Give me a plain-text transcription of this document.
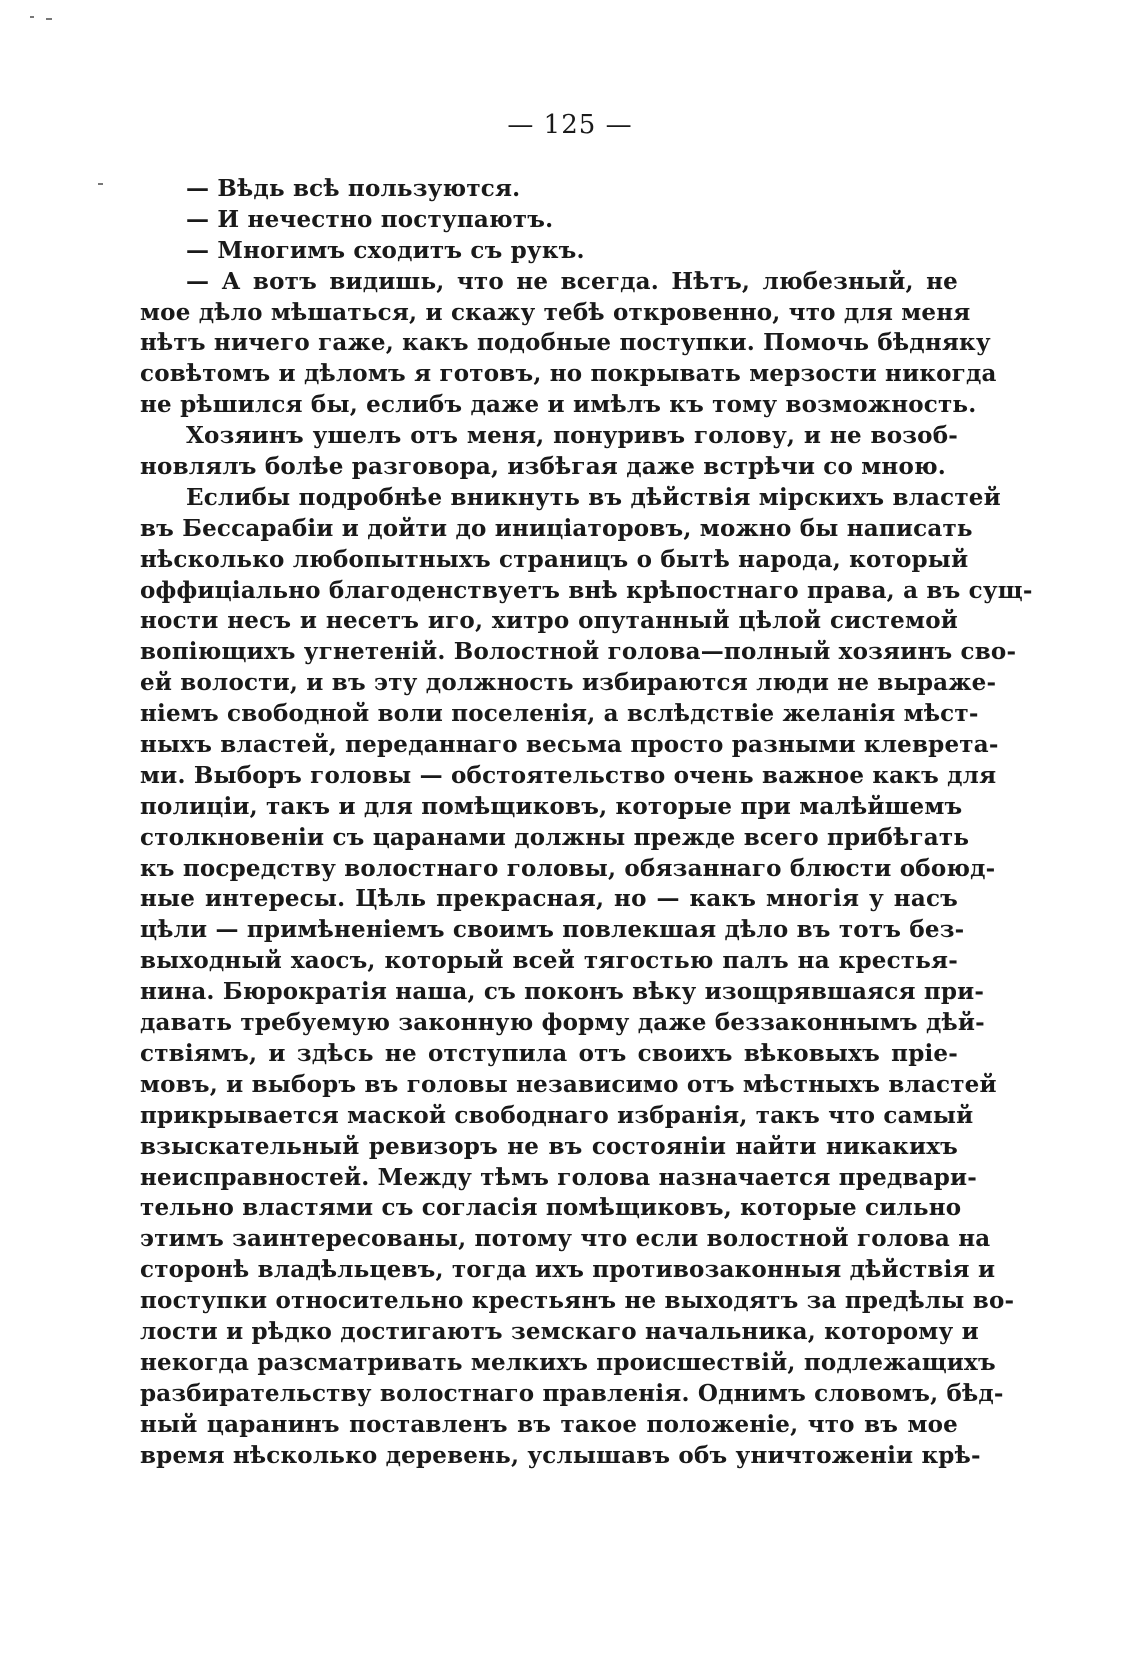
— 125 —
— Вѣдь всѣ пользуются.
— И нечестно поступаютъ.
— Многимъ сходитъ съ рукъ.
— А вотъ видишь, что не всегда. Нѣтъ, любезный, не
мое дѣло мѣшаться, и скажу тебѣ откровенно, что для меня
нѣтъ ничего гаже, какъ подобные поступки. Помочь бѣдняку
совѣтомъ и дѣломъ я готовъ, но покрывать мерзости никогда
не рѣшился бы, еслибъ даже и имѣлъ къ тому возможность.
Хозяинъ ушелъ отъ меня, понуривъ голову, и не возоб-
новлялъ болѣе разговора, избѣгая даже встрѣчи со мною.
Еслибы подробнѣе вникнуть въ дѣйствія мірскихъ властей
въ Бессарабіи и дойти до иниціаторовъ, можно бы написать
нѣсколько любопытныхъ страницъ о бытѣ народа, который
оффиціально благоденствуетъ внѣ крѣпостнаго права, а въ сущ-
ности несъ и несетъ иго, хитро опутанный цѣлой системой
вопіющихъ угнетеній. Волостной голова—полный хозяинъ сво-
ей волости, и въ эту должность избираются люди не выраже-
ніемъ свободной воли поселенія, а вслѣдствіе желанія мѣст-
ныхъ властей, переданнаго весьма просто разными клеврета-
ми. Выборъ головы — обстоятельство очень важное какъ для
полиціи, такъ и для помѣщиковъ, которые при малѣйшемъ
столкновеніи съ царанами должны прежде всего прибѣгать
къ посредству волостнаго головы, обязаннаго блюсти обоюд-
ные интересы. Цѣль прекрасная, но — какъ многія у насъ
цѣли — примѣненіемъ своимъ повлекшая дѣло въ тотъ без-
выходный хаосъ, который всей тягостью палъ на крестья-
нина. Бюрократія наша, съ поконъ вѣку изощрявшаяся при-
давать требуемую законную форму даже беззаконнымъ дѣй-
ствіямъ, и здѣсь не отступила отъ своихъ вѣковыхъ пріе-
мовъ, и выборъ въ головы независимо отъ мѣстныхъ властей
прикрывается маской свободнаго избранія, такъ что самый
взыскательный ревизоръ не въ состояніи найти никакихъ
неисправностей. Между тѣмъ голова назначается предвари-
тельно властями съ согласія помѣщиковъ, которые сильно
этимъ заинтересованы, потому что если волостной голова на
сторонѣ владѣльцевъ, тогда ихъ противозаконныя дѣйствія и
поступки относительно крестьянъ не выходятъ за предѣлы во-
лости и рѣдко достигаютъ земскаго начальника, которому и
некогда разсматривать мелкихъ происшествій, подлежащихъ
разбирательству волостнаго правленія. Однимъ словомъ, бѣд-
ный царанинъ поставленъ въ такое положеніе, что въ мое
время нѣсколько деревень, услышавъ объ уничтоженіи крѣ-
